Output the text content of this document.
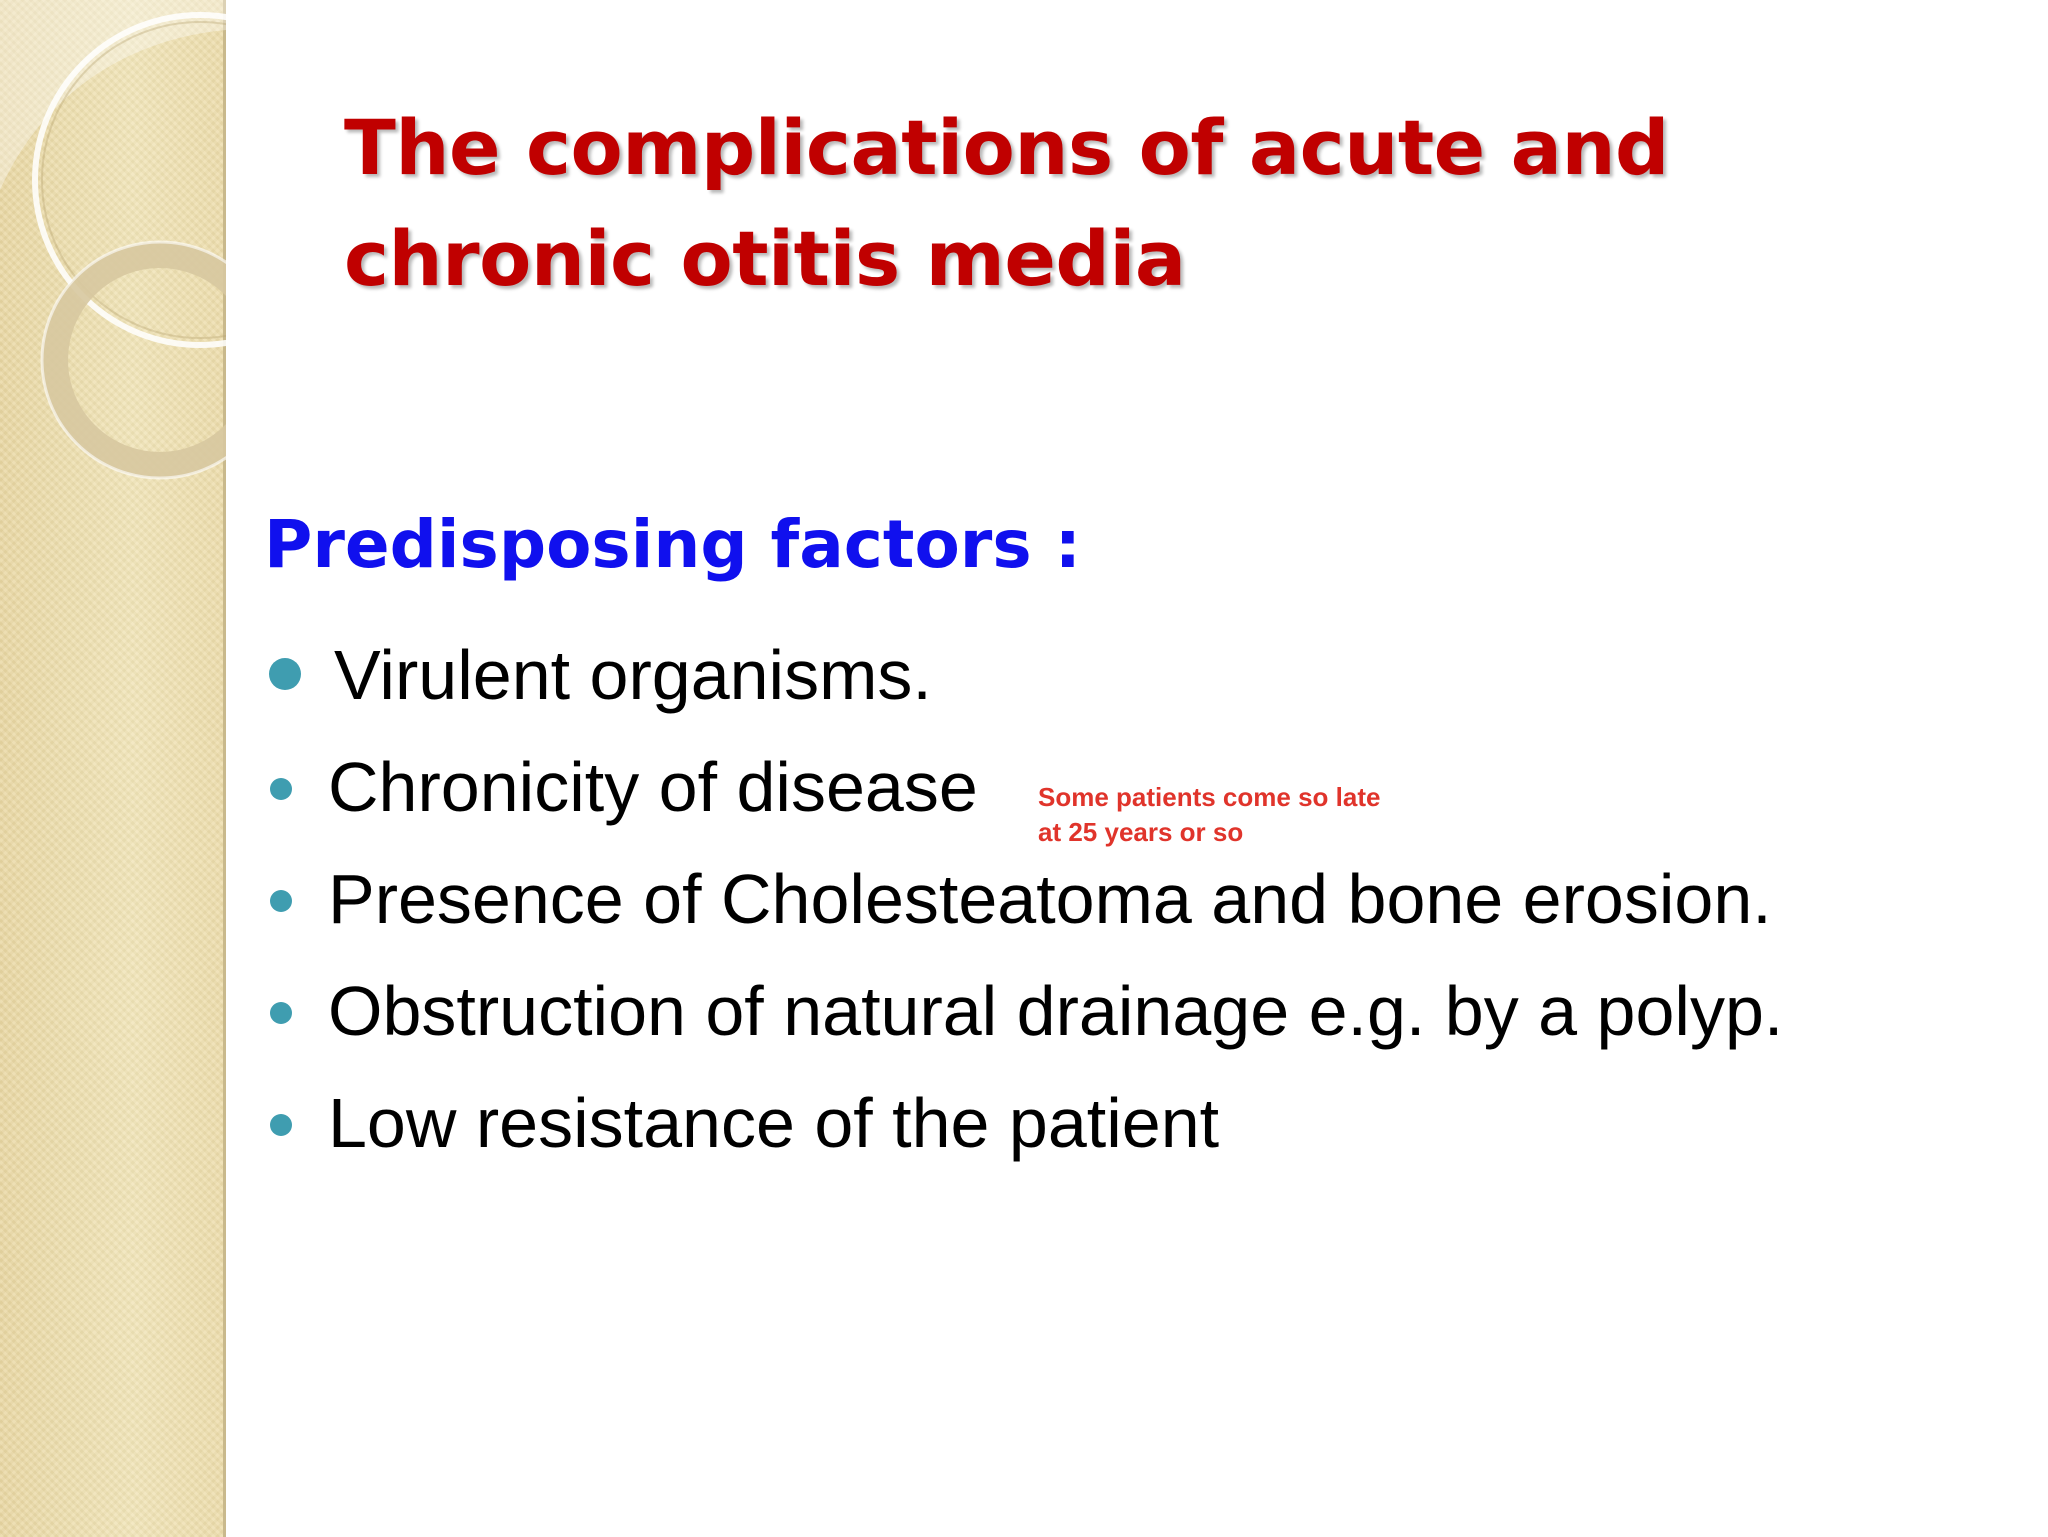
The complications of acute and
chronic otitis media
Predisposing factors :
Virulent organisms.
Chronicity of disease
Presence of Cholesteatoma and bone erosion.
Obstruction of natural drainage e.g. by a polyp.
Low resistance of the patient
Some patients come so late
at 25 years or so
